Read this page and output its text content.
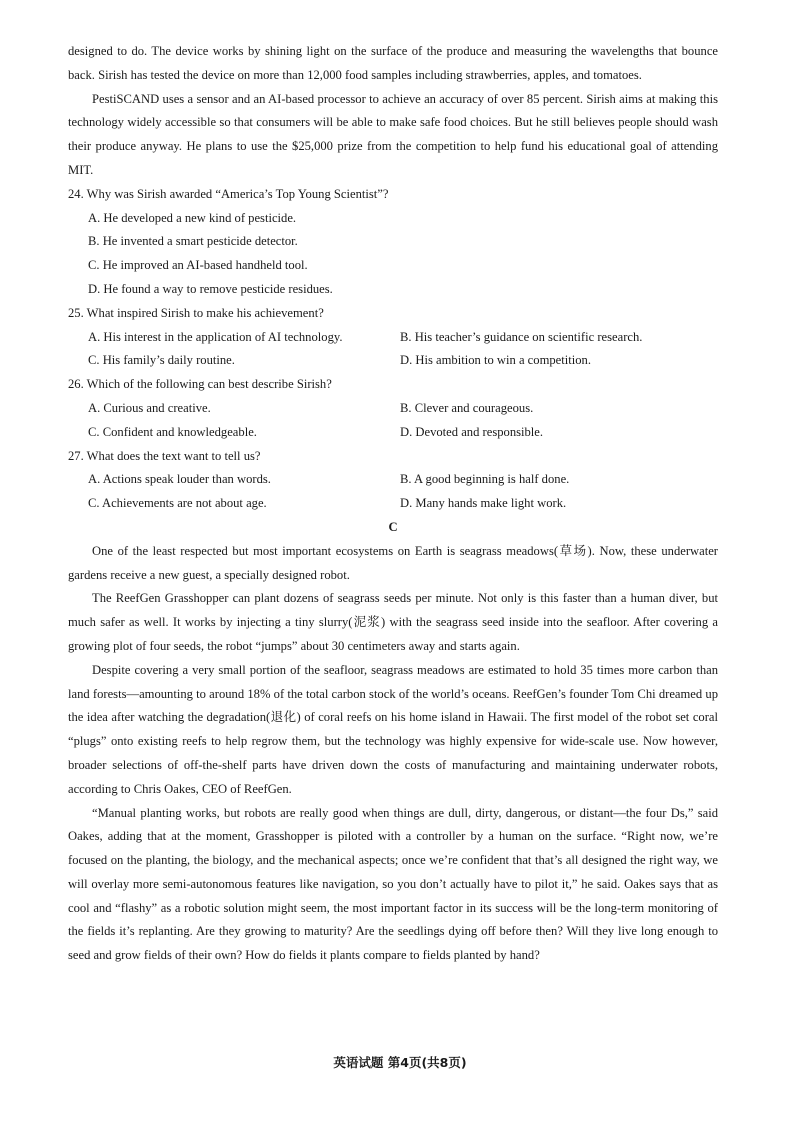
designed to do. The device works by shining light on the surface of the produce and measuring the wavelengths that bounce back. Sirish has tested the device on more than 12,000 food samples including strawberries, apples, and tomatoes.

PestiSCAND uses a sensor and an AI-based processor to achieve an accuracy of over 85 percent. Sirish aims at making this technology widely accessible so that consumers will be able to make safe food choices. But he still believes people should wash their produce anyway. He plans to use the $25,000 prize from the competition to help fund his educational goal of attending MIT.

24. Why was Sirish awarded “America’s Top Young Scientist”?

A. He developed a new kind of pesticide.

B. He invented a smart pesticide detector.

C. He improved an AI-based handheld tool.

D. He found a way to remove pesticide residues.

25. What inspired Sirish to make his achievement?

A. His interest in the application of AI technology.	B. His teacher’s guidance on scientific research.
C. His family’s daily routine.	D. His ambition to win a competition.

26. Which of the following can best describe Sirish?

A. Curious and creative.	B. Clever and courageous.
C. Confident and knowledgeable.	D. Devoted and responsible.

27. What does the text want to tell us?

A. Actions speak louder than words.	B. A good beginning is half done.
C. Achievements are not about age.	D. Many hands make light work.

C

One of the least respected but most important ecosystems on Earth is seagrass meadows(草场). Now, these underwater gardens receive a new guest, a specially designed robot.

The ReefGen Grasshopper can plant dozens of seagrass seeds per minute. Not only is this faster than a human diver, but much safer as well. It works by injecting a tiny slurry(泥浆) with the seagrass seed inside into the seafloor. After covering a growing plot of four seeds, the robot “jumps” about 30 centimeters away and starts again.

Despite covering a very small portion of the seafloor, seagrass meadows are estimated to hold 35 times more carbon than land forests—amounting to around 18% of the total carbon stock of the world’s oceans. ReefGen’s founder Tom Chi dreamed up the idea after watching the degradation(退化) of coral reefs on his home island in Hawaii. The first model of the robot set coral “plugs” onto existing reefs to help regrow them, but the technology was highly expensive for wide-scale use. Now however, broader selections of off-the-shelf parts have driven down the costs of manufacturing and maintaining underwater robots, according to Chris Oakes, CEO of ReefGen.

“Manual planting works, but robots are really good when things are dull, dirty, dangerous, or distant—the four Ds,” said Oakes, adding that at the moment, Grasshopper is piloted with a controller by a human on the surface. “Right now, we’re focused on the planting, the biology, and the mechanical aspects; once we’re confident that that’s all designed the right way, we will overlay more semi-autonomous features like navigation, so you don’t actually have to pilot it,” he said. Oakes says that as cool and “flashy” as a robotic solution might seem, the most important factor in its success will be the long-term monitoring of the fields it’s replanting. Are they growing to maturity? Are the seedlings dying off before then? Will they live long enough to seed and grow fields of their own? How do fields it plants compare to fields planted by hand?

英语试题 第4页(共8页)
